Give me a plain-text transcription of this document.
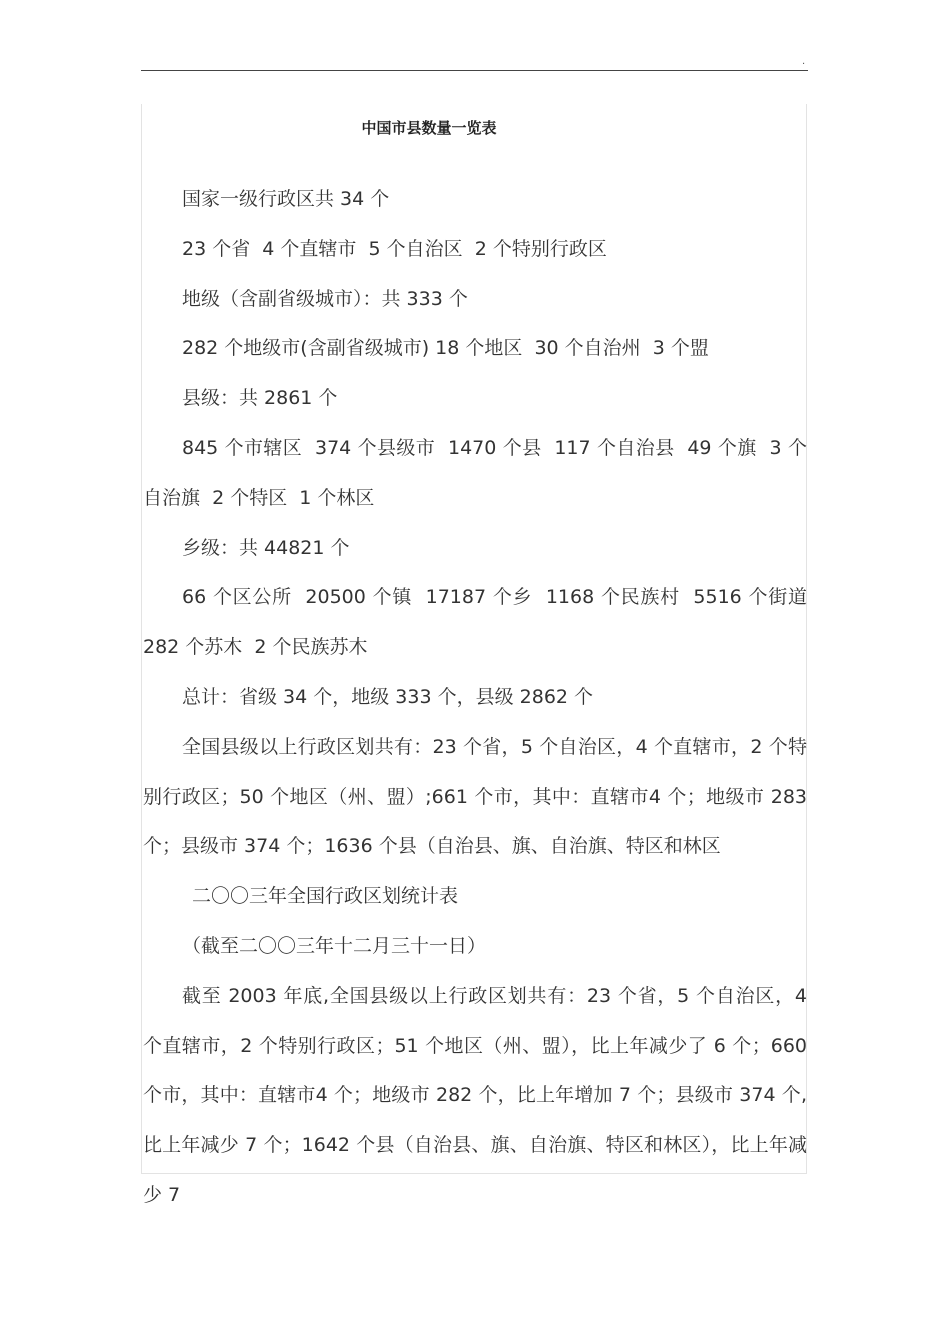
.
中国市县数量一览表

国家一级行政区共 34 个

23 个省  4 个直辖市  5 个自治区  2 个特别行政区

地级（含副省级城市）：共 333 个

282 个地级市(含副省级城市) 18 个地区  30 个自治州  3 个盟

县级：共 2861 个

845 个市辖区  374 个县级市  1470 个县  117 个自治县  49 个旗  3 个自治旗  2 个特区  1 个林区

乡级：共 44821 个

66 个区公所  20500 个镇  17187 个乡  1168 个民族村  5516 个街道  282 个苏木  2 个民族苏木

总计：省级 34 个，地级 333 个，县级 2862 个

全国县级以上行政区划共有：23 个省，5 个自治区，4 个直辖市，2 个特别行政区；50 个地区（州、盟）;661 个市，其中：直辖市4 个；地级市 283 个；县级市 374 个；1636 个县（自治县、旗、自治旗、特区和林区

二〇〇三年全国行政区划统计表

（截至二〇〇三年十二月三十一日）

截至 2003 年底,全国县级以上行政区划共有：23 个省，5 个自治区，4 个直辖市，2 个特别行政区；51 个地区（州、盟），比上年减少了 6 个；660 个市，其中：直辖市4 个；地级市 282 个，比上年增加 7 个；县级市 374 个,比上年减少 7 个；1642 个县（自治县、旗、自治旗、特区和林区），比上年减少 7
